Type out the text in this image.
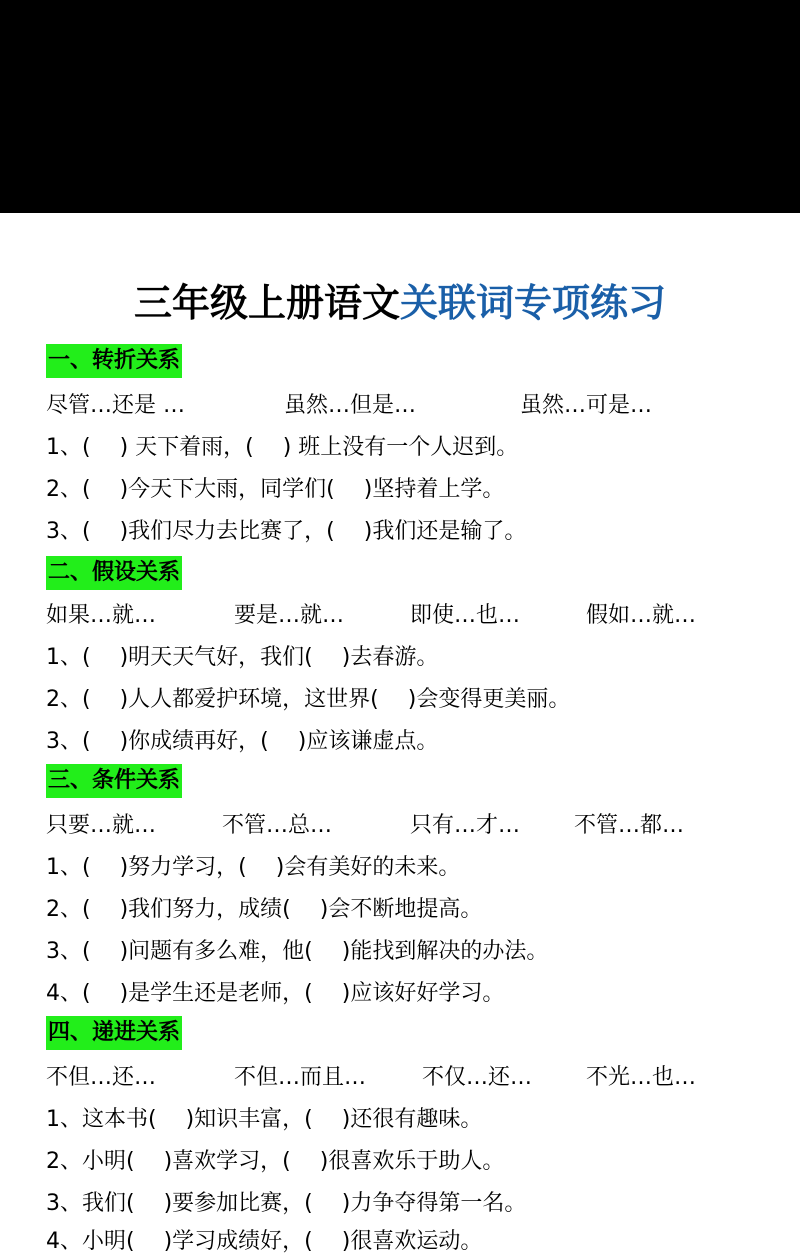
三年级上册语文关联词专项练习
一、转折关系
尽管…还是 …	虽然…但是…	虽然…可是…
1、(　 ) 天下着雨，(　 ) 班上没有一个人迟到。
2、(　 )今天下大雨，同学们(　 )坚持着上学。
3、(　 )我们尽力去比赛了，(　 )我们还是输了。
二、假设关系
如果…就…	要是…就…	即使…也…	假如…就…
1、(　 )明天天气好，我们(　 )去春游。
2、(　 )人人都爱护环境，这世界(　 )会变得更美丽。
3、(　 )你成绩再好，(　 )应该谦虚点。
三、条件关系
只要…就…	不管…总…	只有…才… 不管…都…
1、(　 )努力学习，(　 )会有美好的未来。
2、(　 )我们努力，成绩(　 )会不断地提高。
3、(　 )问题有多么难，他(　 )能找到解决的办法。
4、(　 )是学生还是老师，(　 )应该好好学习。
四、递进关系
不但…还…	不但…而且…	不仅…还… 不光…也…
1、这本书(　 )知识丰富，(　 )还很有趣味。
2、小明(　 )喜欢学习，(　 )很喜欢乐于助人。
3、我们(　 )要参加比赛，(　 )力争夺得第一名。
4、小明(　 )学习成绩好，(　 )很喜欢运动。
